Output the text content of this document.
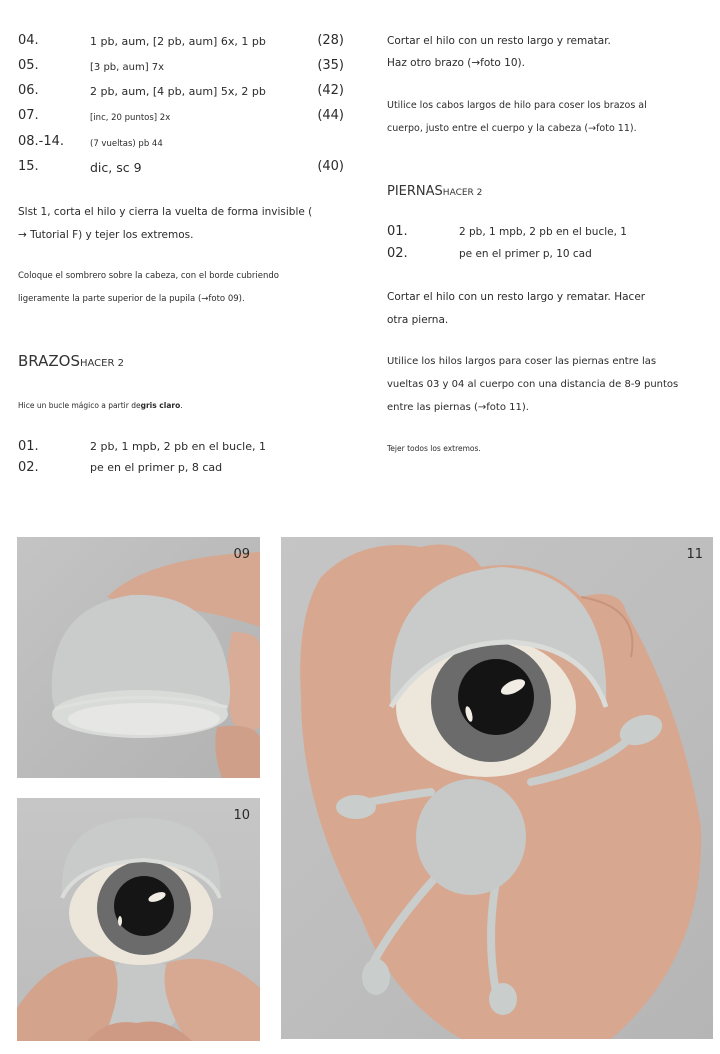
04.	1 pb, aum, [2 pb, aum] 6x, 1 pb	(28)
05.	[3 pb, aum] 7x	(35)
06.	2 pb, aum, [4 pb, aum] 5x, 2 pb	(42)
07.	[inc, 20 puntos] 2x	(44)
08.-14.	(7 vueltas) pb 44
15.	dic, sc 9	(40)
Slst 1, corta el hilo y cierra la vuelta de forma invisible (
→ Tutorial F) y tejer los extremos.
Coloque el sombrero sobre la cabeza, con el borde cubriendo
ligeramente la parte superior de la pupila (→foto 09).
BRAZOSHACER 2
Hice un bucle mágico a partir degris claro.
01.	2 pb, 1 mpb, 2 pb en el bucle, 1
02.	pe en el primer p, 8 cad
Cortar el hilo con un resto largo y rematar.
Haz otro brazo (→foto 10).
Utilice los cabos largos de hilo para coser los brazos al
cuerpo, justo entre el cuerpo y la cabeza (→foto 11).
PIERNASHACER 2
01.	2 pb, 1 mpb, 2 pb en el bucle, 1
02.	pe en el primer p, 10 cad
Cortar el hilo con un resto largo y rematar. Hacer
otra pierna.
Utilice los hilos largos para coser las piernas entre las
vueltas 03 y 04 al cuerpo con una distancia de 8-9 puntos
entre las piernas (→foto 11).
Tejer todos los extremos.
09
10
11
